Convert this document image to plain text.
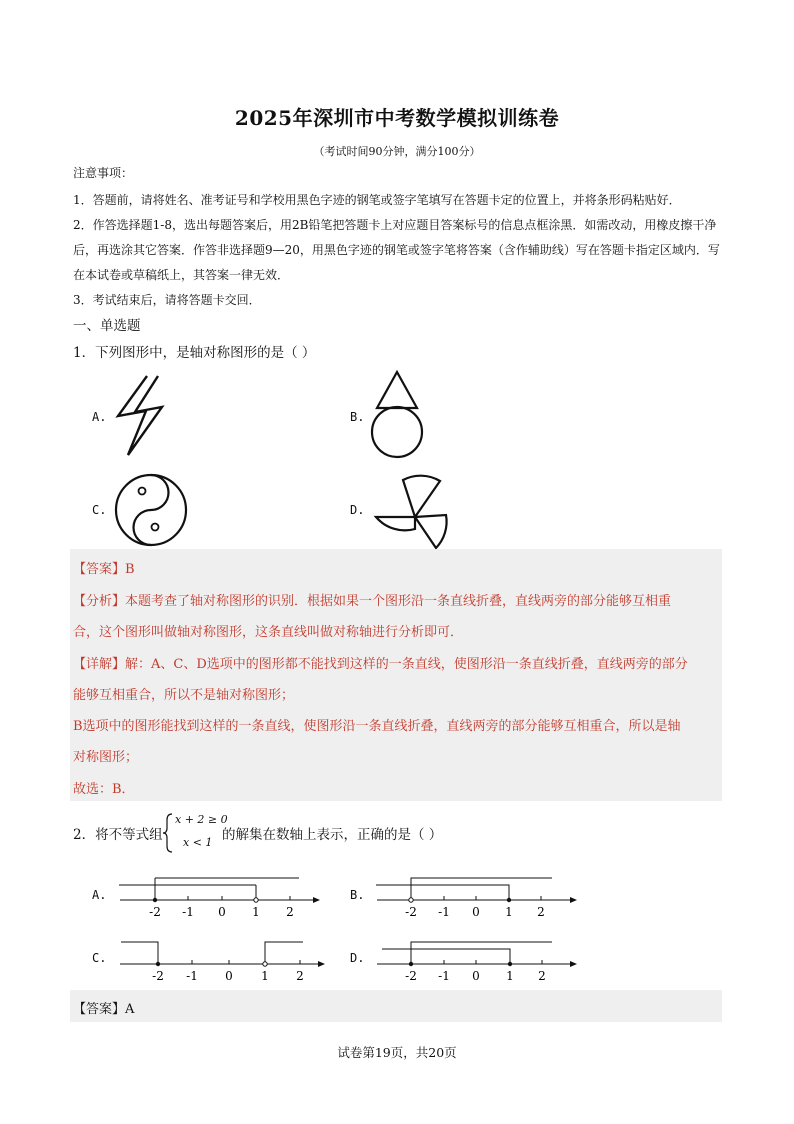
2025年深圳市中考数学模拟训练卷
（考试时间90分钟，满分100分）
注意事项：
1．答题前，请将姓名、准考证号和学校用黑色字迹的钢笔或签字笔填写在答题卡定的位置上，并将条形码粘贴好．
2．作答选择题1-8，选出每题答案后，用2B铅笔把答题卡上对应题目答案标号的信息点框涂黑．如需改动，用橡皮擦干净
后，再选涂其它答案．作答非选择题9—20，用黑色字迹的钢笔或签字笔将答案（含作辅助线）写在答题卡指定区域内．写
在本试卷或草稿纸上，其答案一律无效．
3．考试结束后，请将答题卡交回．
一、单选题
1．下列图形中，是轴对称图形的是（ ）
A.	B.
C.	D.
【答案】B
【分析】本题考查了轴对称图形的识别．根据如果一个图形沿一条直线折叠，直线两旁的部分能够互相重
合，这个图形叫做轴对称图形，这条直线叫做对称轴进行分析即可．
【详解】解：A、C、D选项中的图形都不能找到这样的一条直线，使图形沿一条直线折叠，直线两旁的部分
能够互相重合，所以不是轴对称图形；
B选项中的图形能找到这样的一条直线，使图形沿一条直线折叠，直线两旁的部分能够互相重合，所以是轴
对称图形；
故选：B．
2．将不等式组
x + 2 ≥ 0
x < 1 的解集在数轴上表示，正确的是（ ）
A.
-2 -1 0 1 2
B.
-2 -1 0 1 2
C.
-2 -1 0 1 2
D.
-2 -1 0 1 2
【答案】A
试卷第19页，共20页
